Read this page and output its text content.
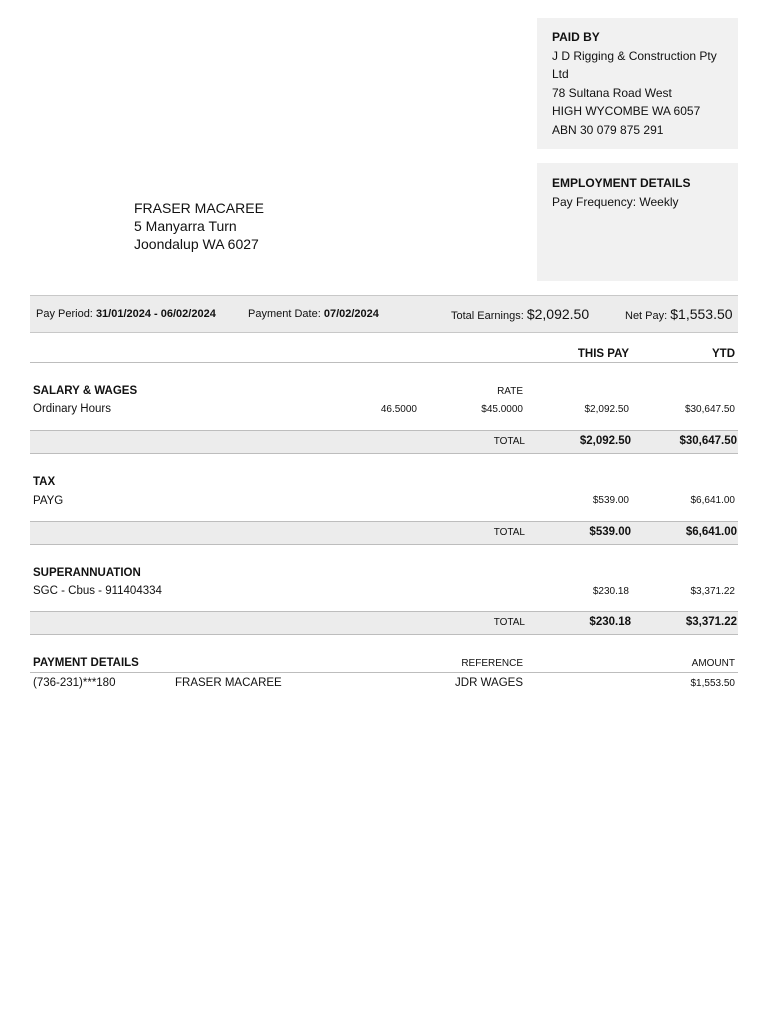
PAID BY
J D Rigging & Construction Pty
Ltd
78 Sultana Road West
HIGH WYCOMBE WA 6057
ABN 30 079 875 291
EMPLOYMENT DETAILS
Pay Frequency: Weekly
FRASER MACAREE
5 Manyarra Turn
Joondalup WA 6027
Pay Period: 31/01/2024 - 06/02/2024	Payment Date: 07/02/2024	Total Earnings: $2,092.50	Net Pay: $1,553.50
THIS PAY	YTD
SALARY & WAGES	RATE
Ordinary Hours	46.5000	$45.0000	$2,092.50	$30,647.50
TOTAL	$2,092.50	$30,647.50
TAX
PAYG	$539.00	$6,641.00
TOTAL	$539.00	$6,641.00
SUPERANNUATION
SGC - Cbus - 911404334	$230.18	$3,371.22
TOTAL	$230.18	$3,371.22
PAYMENT DETAILS	REFERENCE	AMOUNT
(736-231)***180	FRASER MACAREE	JDR WAGES	$1,553.50
